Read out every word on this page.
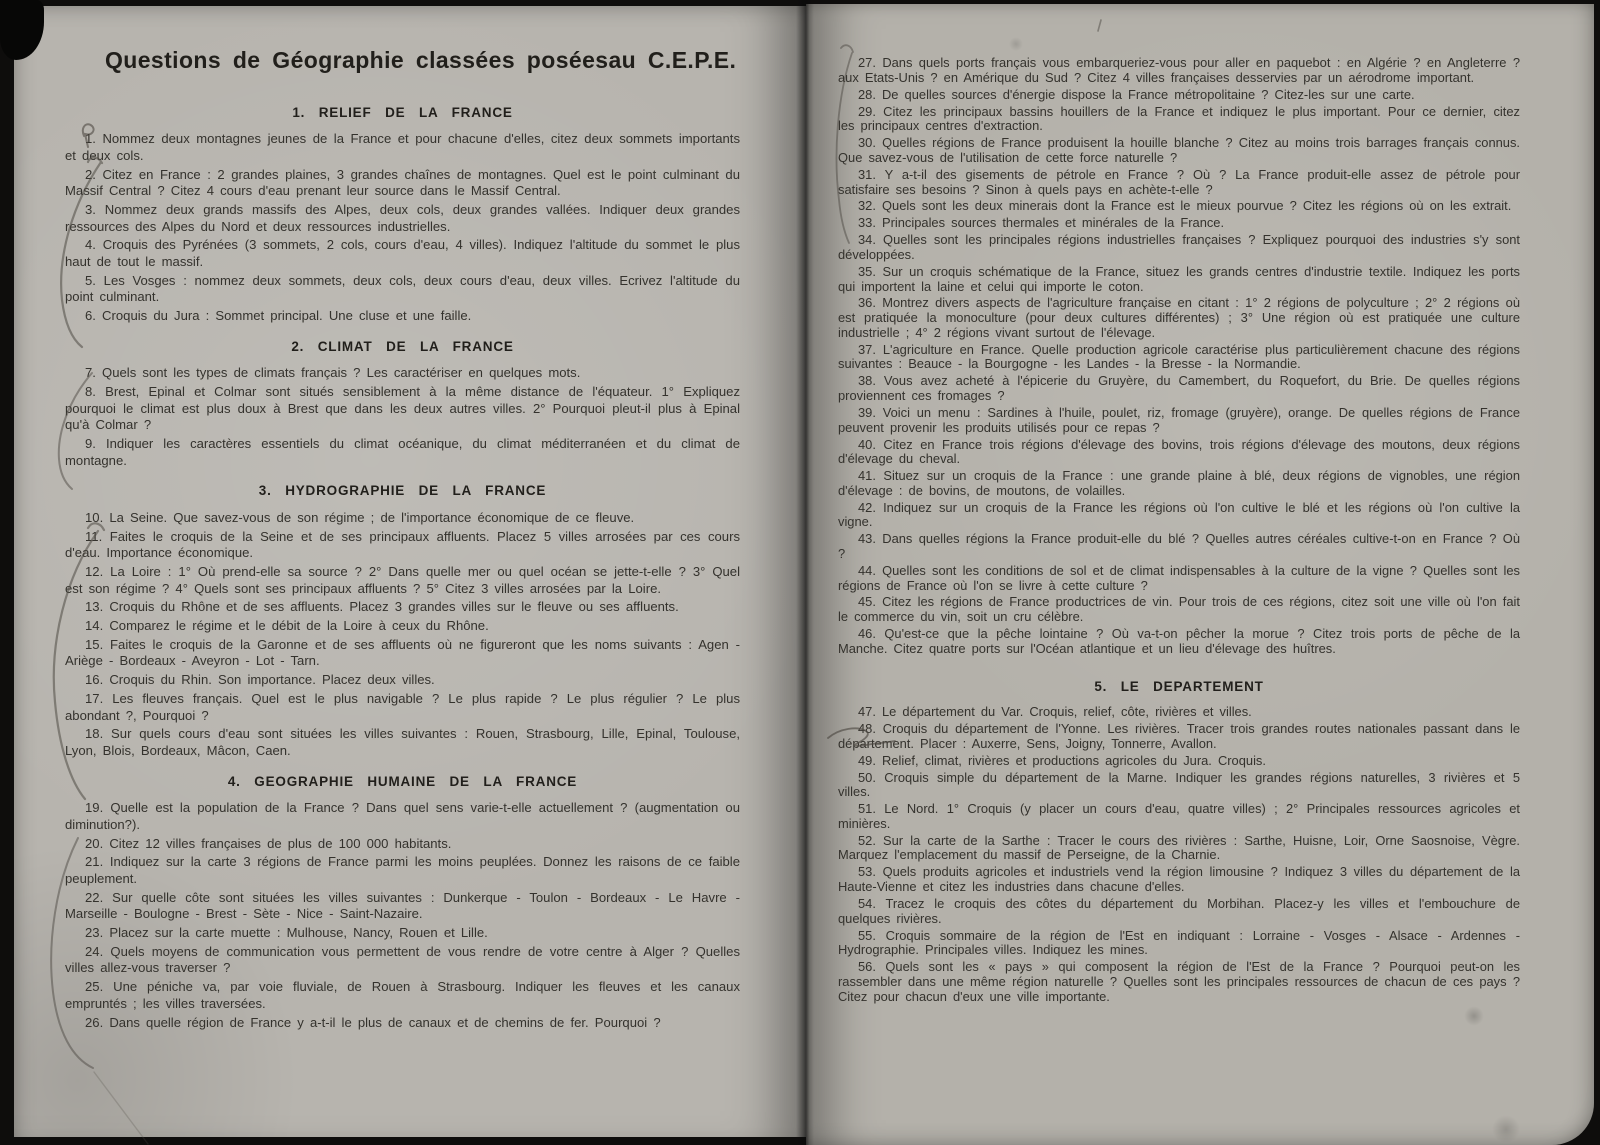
Questions de Géographie classées poséesau C.E.P.E.
1. RELIEF DE LA FRANCE

1. Nommez deux montagnes jeunes de la France et pour chacune d'elles, citez deux sommets importants et deux cols.

2. Citez en France : 2 grandes plaines, 3 grandes chaînes de montagnes. Quel est le point culminant du Massif Central ? Citez 4 cours d'eau prenant leur source dans le Massif Central.

3. Nommez deux grands massifs des Alpes, deux cols, deux grandes vallées. Indiquer deux grandes ressources des Alpes du Nord et deux ressources industrielles.

4. Croquis des Pyrénées (3 sommets, 2 cols, cours d'eau, 4 villes). Indiquez l'altitude du sommet le plus haut de tout le massif.

5. Les Vosges : nommez deux sommets, deux cols, deux cours d'eau, deux villes. Ecrivez l'altitude du point culminant.

6. Croquis du Jura : Sommet principal. Une cluse et une faille.

2. CLIMAT DE LA FRANCE

7. Quels sont les types de climats français ? Les caractériser en quelques mots.

8. Brest, Epinal et Colmar sont situés sensiblement à la même distance de l'équateur. 1° Expliquez pourquoi le climat est plus doux à Brest que dans les deux autres villes. 2° Pourquoi pleut-il plus à Epinal qu'à Colmar ?

9. Indiquer les caractères essentiels du climat océanique, du climat méditerranéen et du climat de montagne.

3. HYDROGRAPHIE DE LA FRANCE

10. La Seine. Que savez-vous de son régime ; de l'importance économique de ce fleuve.

11. Faites le croquis de la Seine et de ses principaux affluents. Placez 5 villes arrosées par ces cours d'eau. Importance économique.

12. La Loire : 1° Où prend-elle sa source ? 2° Dans quelle mer ou quel océan se jette-t-elle ? 3° Quel est son régime ? 4° Quels sont ses principaux affluents ? 5° Citez 3 villes arrosées par la Loire.

13. Croquis du Rhône et de ses affluents. Placez 3 grandes villes sur le fleuve ou ses affluents.

14. Comparez le régime et le débit de la Loire à ceux du Rhône.

15. Faites le croquis de la Garonne et de ses affluents où ne figureront que les noms suivants : Agen - Ariège - Bordeaux - Aveyron - Lot - Tarn.

16. Croquis du Rhin. Son importance. Placez deux villes.

17. Les fleuves français. Quel est le plus navigable ? Le plus rapide ? Le plus régulier ? Le plus abondant ?, Pourquoi ?

18. Sur quels cours d'eau sont situées les villes suivantes : Rouen, Strasbourg, Lille, Epinal, Toulouse, Lyon, Blois, Bordeaux, Mâcon, Caen.

4. GEOGRAPHIE HUMAINE DE LA FRANCE

19. Quelle est la population de la France ? Dans quel sens varie-t-elle actuellement ? (augmentation ou diminution?).

20. Citez 12 villes françaises de plus de 100 000 habitants.

21. Indiquez sur la carte 3 régions de France parmi les moins peuplées. Donnez les raisons de ce faible peuplement.

22. Sur quelle côte sont situées les villes suivantes : Dunkerque - Toulon - Bordeaux - Le Havre - Marseille - Boulogne - Brest - Sète - Nice - Saint-Nazaire.

23. Placez sur la carte muette : Mulhouse, Nancy, Rouen et Lille.

24. Quels moyens de communication vous permettent de vous rendre de votre centre à Alger ? Quelles villes allez-vous traverser ?

25. Une péniche va, par voie fluviale, de Rouen à Strasbourg. Indiquer les fleuves et les canaux empruntés ; les villes traversées.

26. Dans quelle région de France y a-t-il le plus de canaux et de chemins de fer. Pourquoi ?

27. Dans quels ports français vous embarqueriez-vous pour aller en paquebot : en Algérie ? en Angleterre ? aux Etats-Unis ? en Amérique du Sud ? Citez 4 villes françaises desservies par un aérodrome important.

28. De quelles sources d'énergie dispose la France métropolitaine ? Citez-les sur une carte.

29. Citez les principaux bassins houillers de la France et indiquez le plus important. Pour ce dernier, citez les principaux centres d'extraction.

30. Quelles régions de France produisent la houille blanche ? Citez au moins trois barrages français connus. Que savez-vous de l'utilisation de cette force naturelle ?

31. Y a-t-il des gisements de pétrole en France ? Où ? La France produit-elle assez de pétrole pour satisfaire ses besoins ? Sinon à quels pays en achète-t-elle ?

32. Quels sont les deux minerais dont la France est le mieux pourvue ? Citez les régions où on les extrait.

33. Principales sources thermales et minérales de la France.

34. Quelles sont les principales régions industrielles françaises ? Expliquez pourquoi des industries s'y sont développées.

35. Sur un croquis schématique de la France, situez les grands centres d'industrie textile. Indiquez les ports qui importent la laine et celui qui importe le coton.

36. Montrez divers aspects de l'agriculture française en citant : 1° 2 régions de polyculture ; 2° 2 régions où est pratiquée la monoculture (pour deux cultures différentes) ; 3° Une région où est pratiquée une culture industrielle ; 4° 2 régions vivant surtout de l'élevage.

37. L'agriculture en France. Quelle production agricole caractérise plus particulièrement chacune des régions suivantes : Beauce - la Bourgogne - les Landes - la Bresse - la Normandie.

38. Vous avez acheté à l'épicerie du Gruyère, du Camembert, du Roquefort, du Brie. De quelles régions proviennent ces fromages ?

39. Voici un menu : Sardines à l'huile, poulet, riz, fromage (gruyère), orange. De quelles régions de France peuvent provenir les produits utilisés pour ce repas ?

40. Citez en France trois régions d'élevage des bovins, trois régions d'élevage des moutons, deux régions d'élevage du cheval.

41. Situez sur un croquis de la France : une grande plaine à blé, deux régions de vignobles, une région d'élevage : de bovins, de moutons, de volailles.

42. Indiquez sur un croquis de la France les régions où l'on cultive le blé et les régions où l'on cultive la vigne.

43. Dans quelles régions la France produit-elle du blé ? Quelles autres céréales cultive-t-on en France ? Où ?

44. Quelles sont les conditions de sol et de climat indispensables à la culture de la vigne ? Quelles sont les régions de France où l'on se livre à cette culture ?

45. Citez les régions de France productrices de vin. Pour trois de ces régions, citez soit une ville où l'on fait le commerce du vin, soit un cru célèbre.

46. Qu'est-ce que la pêche lointaine ? Où va-t-on pêcher la morue ? Citez trois ports de pêche de la Manche. Citez quatre ports sur l'Océan atlantique et un lieu d'élevage des huîtres.

5. LE DEPARTEMENT

47. Le département du Var. Croquis, relief, côte, rivières et villes.

48. Croquis du département de l'Yonne. Les rivières. Tracer trois grandes routes nationales passant dans le département. Placer : Auxerre, Sens, Joigny, Tonnerre, Avallon.

49. Relief, climat, rivières et productions agricoles du Jura. Croquis.

50. Croquis simple du département de la Marne. Indiquer les grandes régions naturelles, 3 rivières et 5 villes.

51. Le Nord. 1° Croquis (y placer un cours d'eau, quatre villes) ; 2° Principales ressources agricoles et minières.

52. Sur la carte de la Sarthe : Tracer le cours des rivières : Sarthe, Huisne, Loir, Orne Saosnoise, Vègre. Marquez l'emplacement du massif de Perseigne, de la Charnie.

53. Quels produits agricoles et industriels vend la région limousine ? Indiquez 3 villes du département de la Haute-Vienne et citez les industries dans chacune d'elles.

54. Tracez le croquis des côtes du département du Morbihan. Placez-y les villes et l'embouchure de quelques rivières.

55. Croquis sommaire de la région de l'Est en indiquant : Lorraine - Vosges - Alsace - Ardennes - Hydrographie. Principales villes. Indiquez les mines.

56. Quels sont les « pays » qui composent la région de l'Est de la France ? Pourquoi peut-on les rassembler dans une même région naturelle ? Quelles sont les principales ressources de chacun de ces pays ? Citez pour chacun d'eux une ville importante.
